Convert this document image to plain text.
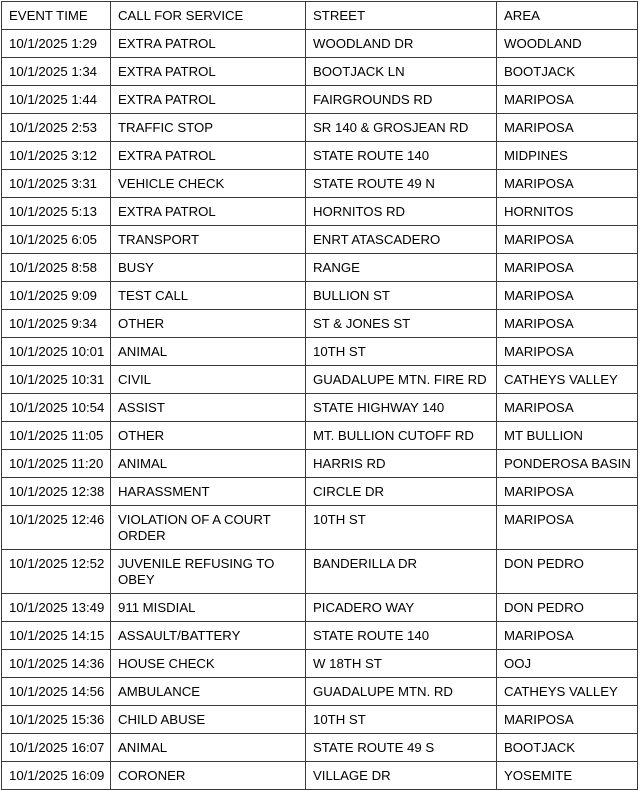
EVENT TIME	CALL FOR SERVICE	STREET	AREA
10/1/2025 1:29	EXTRA PATROL	WOODLAND DR	WOODLAND
10/1/2025 1:34	EXTRA PATROL	BOOTJACK LN	BOOTJACK
10/1/2025 1:44	EXTRA PATROL	FAIRGROUNDS RD	MARIPOSA
10/1/2025 2:53	TRAFFIC STOP	SR 140 & GROSJEAN RD	MARIPOSA
10/1/2025 3:12	EXTRA PATROL	STATE ROUTE 140	MIDPINES
10/1/2025 3:31	VEHICLE CHECK	STATE ROUTE 49 N	MARIPOSA
10/1/2025 5:13	EXTRA PATROL	HORNITOS RD	HORNITOS
10/1/2025 6:05	TRANSPORT	ENRT ATASCADERO	MARIPOSA
10/1/2025 8:58	BUSY	RANGE	MARIPOSA
10/1/2025 9:09	TEST CALL	BULLION ST	MARIPOSA
10/1/2025 9:34	OTHER	ST & JONES ST	MARIPOSA
10/1/2025 10:01	ANIMAL	10TH ST	MARIPOSA
10/1/2025 10:31	CIVIL	GUADALUPE MTN. FIRE RD	CATHEYS VALLEY
10/1/2025 10:54	ASSIST	STATE HIGHWAY 140	MARIPOSA
10/1/2025 11:05	OTHER	MT. BULLION CUTOFF RD	MT BULLION
10/1/2025 11:20	ANIMAL	HARRIS RD	PONDEROSA BASIN
10/1/2025 12:38	HARASSMENT	CIRCLE DR	MARIPOSA
10/1/2025 12:46	VIOLATION OF A COURT ORDER	10TH ST	MARIPOSA
10/1/2025 12:52	JUVENILE REFUSING TO OBEY	BANDERILLA DR	DON PEDRO
10/1/2025 13:49	911 MISDIAL	PICADERO WAY	DON PEDRO
10/1/2025 14:15	ASSAULT/BATTERY	STATE ROUTE 140	MARIPOSA
10/1/2025 14:36	HOUSE CHECK	W 18TH ST	OOJ
10/1/2025 14:56	AMBULANCE	GUADALUPE MTN. RD	CATHEYS VALLEY
10/1/2025 15:36	CHILD ABUSE	10TH ST	MARIPOSA
10/1/2025 16:07	ANIMAL	STATE ROUTE 49 S	BOOTJACK
10/1/2025 16:09	CORONER	VILLAGE DR	YOSEMITE
